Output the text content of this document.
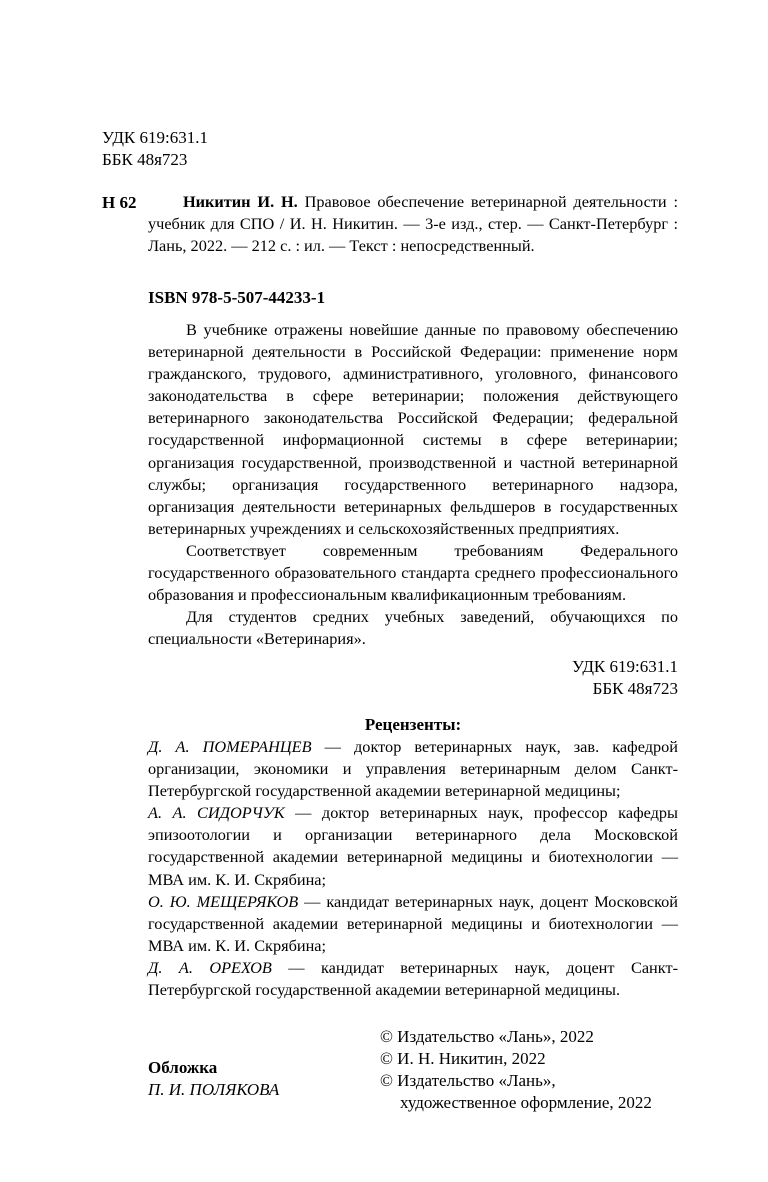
УДК 619:631.1
ББК 48я723
Н 62	Никитин И. Н. Правовое обеспечение ветеринарной деятельности : учебник для СПО / И. Н. Никитин. — 3-е изд., стер. — Санкт-Петербург : Лань, 2022. — 212 с. : ил. — Текст : непосредственный.
ISBN 978-5-507-44233-1

В учебнике отражены новейшие данные по правовому обеспечению ветеринарной деятельности в Российской Федерации: применение норм гражданского, трудового, административного, уголовного, финансового законодательства в сфере ветеринарии; положения действующего ветеринарного законодательства Российской Федерации; федеральной государственной информационной системы в сфере ветеринарии; организация государственной, производственной и частной ветеринарной службы; организация государственного ветеринарного надзора, организация деятельности ветеринарных фельдшеров в государственных ветеринарных учреждениях и сельскохозяйственных предприятиях.

Соответствует современным требованиям Федерального государственного образовательного стандарта среднего профессионального образования и профессиональным квалификационным требованиям.

Для студентов средних учебных заведений, обучающихся по специальности «Ветеринария».

УДК 619:631.1
ББК 48я723
Рецензенты:

Д. А. ПОМЕРАНЦЕВ — доктор ветеринарных наук, зав. кафедрой организации, экономики и управления ветеринарным делом Санкт-Петербургской государственной академии ветеринарной медицины;

А. А. СИДОРЧУК — доктор ветеринарных наук, профессор кафедры эпизоотологии и организации ветеринарного дела Московской государственной академии ветеринарной медицины и биотехнологии — МВА им. К. И. Скрябина;

О. Ю. МЕЩЕРЯКОВ — кандидат ветеринарных наук, доцент Московской государственной академии ветеринарной медицины и биотехнологии — МВА им. К. И. Скрябина;

Д. А. ОРЕХОВ — кандидат ветеринарных наук, доцент Санкт-Петербургской государственной академии ветеринарной медицины.

© Издательство «Лань», 2022
© И. Н. Никитин, 2022
© Издательство «Лань»,
художественное оформление, 2022
Обложка
П. И. ПОЛЯКОВА
